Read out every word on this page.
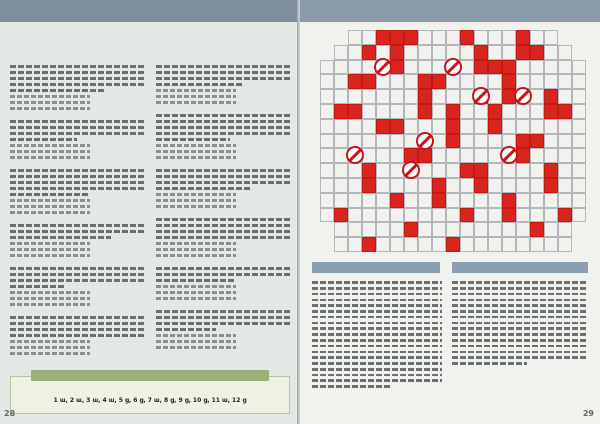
1 ա, 2 ա, 3 ա, 4 ա, 5 ց, 6 ց, 7 ա, 8 ց, 9 ց, 10 ց, 11 ա, 12 ց
28	29
